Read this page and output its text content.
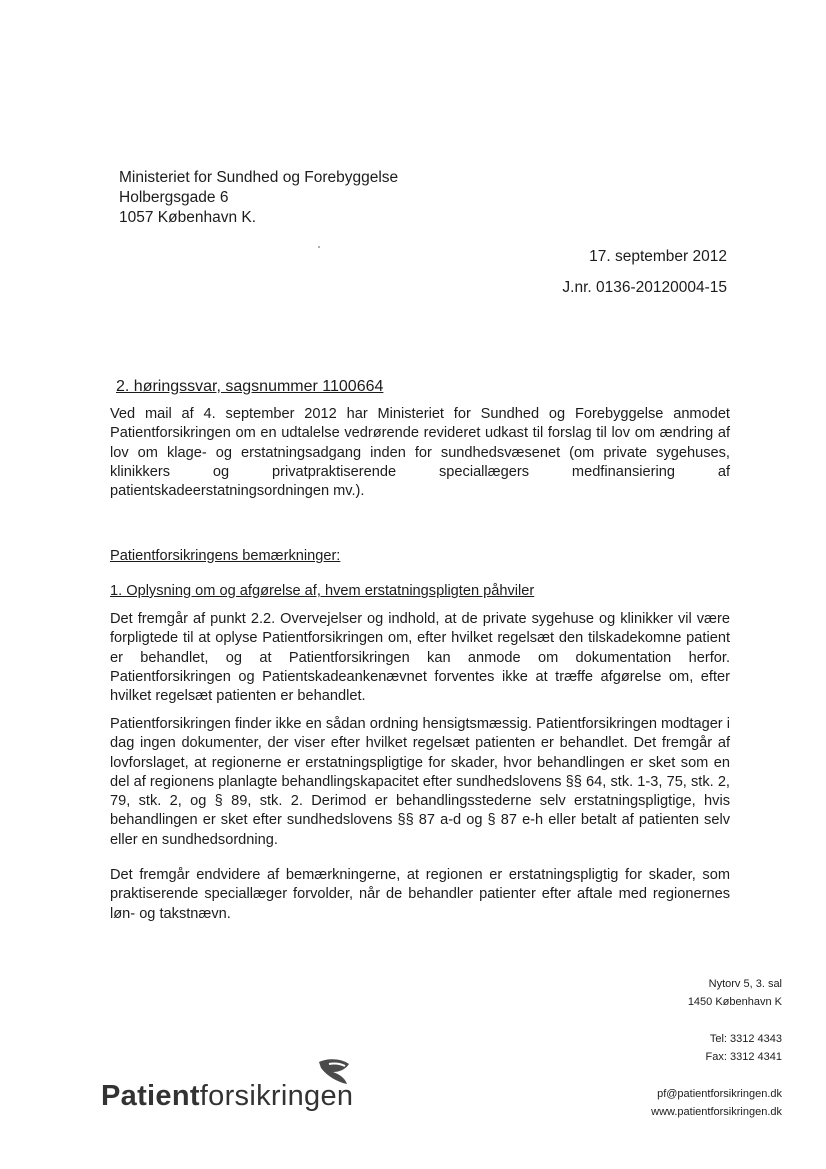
Ministeriet for Sundhed og Forebyggelse
Holbergsgade 6
1057 København K.
17. september 2012
J.nr. 0136-20120004-15
2. høringssvar, sagsnummer 1100664
Ved mail af 4. september 2012 har Ministeriet for Sundhed og Forebyggelse anmodet Patientforsikringen om en udtalelse vedrørende revideret udkast til forslag til lov om ændring af lov om klage- og erstatningsadgang inden for sundhedsvæsenet (om private sygehuses, klinikkers og privatpraktiserende speciallægers medfinansiering af patientskadeerstatningsordningen mv.).
Patientforsikringens bemærkninger:
1. Oplysning om og afgørelse af, hvem erstatningspligten påhviler
Det fremgår af punkt 2.2. Overvejelser og indhold, at de private sygehuse og klinikker vil være forpligtede til at oplyse Patientforsikringen om, efter hvilket regelsæt den tilskadekomne patient er behandlet, og at Patientforsikringen kan anmode om dokumentation herfor. Patientforsikringen og Patientskadeankenævnet forventes ikke at træffe afgørelse om, efter hvilket regelsæt patienten er behandlet.
Patientforsikringen finder ikke en sådan ordning hensigtsmæssig. Patientforsikringen modtager i dag ingen dokumenter, der viser efter hvilket regelsæt patienten er behandlet. Det fremgår af lovforslaget, at regionerne er erstatningspligtige for skader, hvor behandlingen er sket som en del af regionens planlagte behandlingskapacitet efter sundhedslovens §§ 64, stk. 1-3, 75, stk. 2, 79, stk. 2, og § 89, stk. 2. Derimod er behandlingsstederne selv erstatningspligtige, hvis behandlingen er sket efter sundhedslovens §§ 87 a-d og § 87 e-h eller betalt af patienten selv eller en sundhedsordning.
Det fremgår endvidere af bemærkningerne, at regionen er erstatningspligtig for skader, som praktiserende speciallæger forvolder, når de behandler patienter efter aftale med regionernes løn- og takstnævn.
Nytorv 5, 3. sal
1450 København K
Tel: 3312 4343
Fax: 3312 4341
pf@patientforsikringen.dk
www.patientforsikringen.dk
Patientforsikringen
